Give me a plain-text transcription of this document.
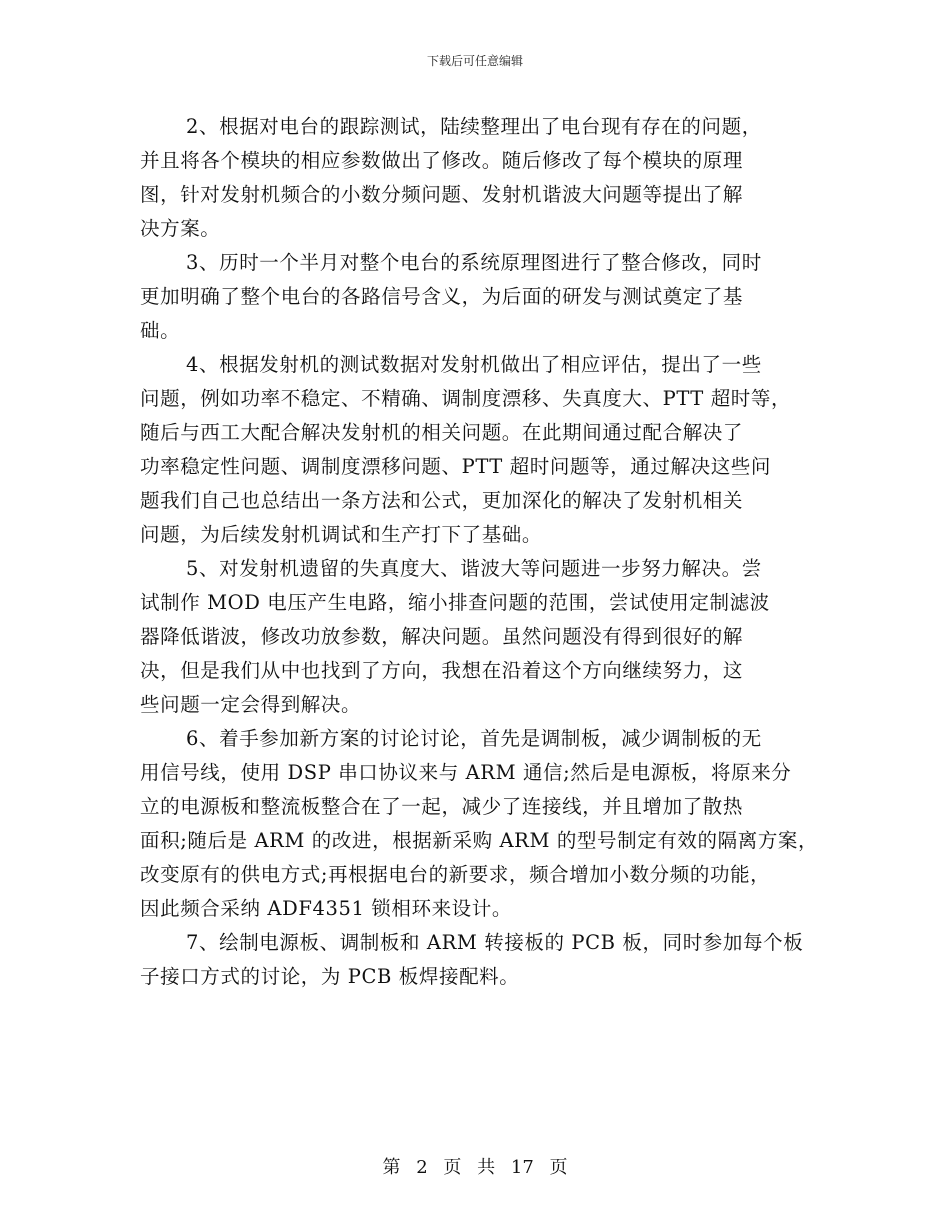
下载后可任意编辑

2、根据对电台的跟踪测试，陆续整理出了电台现有存在的问题，
并且将各个模块的相应参数做出了修改。随后修改了每个模块的原理
图，针对发射机频合的小数分频问题、发射机谐波大问题等提出了解
决方案。

3、历时一个半月对整个电台的系统原理图进行了整合修改，同时
更加明确了整个电台的各路信号含义，为后面的研发与测试奠定了基
础。

4、根据发射机的测试数据对发射机做出了相应评估，提出了一些
问题，例如功率不稳定、不精确、调制度漂移、失真度大、PTT 超时等，
随后与西工大配合解决发射机的相关问题。在此期间通过配合解决了
功率稳定性问题、调制度漂移问题、PTT 超时问题等，通过解决这些问
题我们自己也总结出一条方法和公式，更加深化的解决了发射机相关
问题，为后续发射机调试和生产打下了基础。

5、对发射机遗留的失真度大、谐波大等问题进一步努力解决。尝
试制作 MOD 电压产生电路，缩小排查问题的范围，尝试使用定制滤波
器降低谐波，修改功放参数，解决问题。虽然问题没有得到很好的解
决，但是我们从中也找到了方向，我想在沿着这个方向继续努力，这
些问题一定会得到解决。

6、着手参加新方案的讨论讨论，首先是调制板，减少调制板的无
用信号线，使用 DSP 串口协议来与 ARM 通信;然后是电源板，将原来分
立的电源板和整流板整合在了一起，减少了连接线，并且增加了散热
面积;随后是 ARM 的改进，根据新采购 ARM 的型号制定有效的隔离方案，
改变原有的供电方式;再根据电台的新要求，频合增加小数分频的功能，
因此频合采纳 ADF4351 锁相环来设计。

7、绘制电源板、调制板和 ARM 转接板的 PCB 板，同时参加每个板
子接口方式的讨论，为 PCB 板焊接配料。

第 2 页 共 17 页
